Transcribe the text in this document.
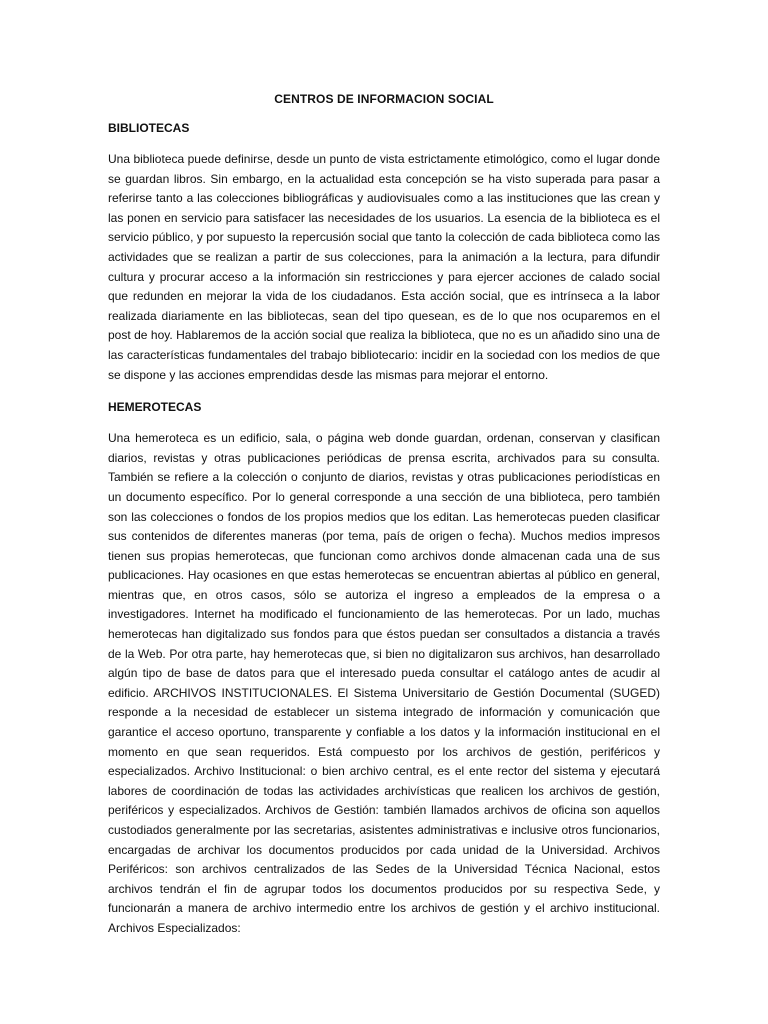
CENTROS DE INFORMACION SOCIAL
BIBLIOTECAS

Una biblioteca puede definirse, desde un punto de vista estrictamente etimológico, como el lugar donde se guardan libros. Sin embargo, en la actualidad esta concepción se ha visto superada para pasar a referirse tanto a las colecciones bibliográficas y audiovisuales como a las instituciones que las crean y las ponen en servicio para satisfacer las necesidades de los usuarios. La esencia de la biblioteca es el servicio público, y por supuesto la repercusión social que tanto la colección de cada biblioteca como las actividades que se realizan a partir de sus colecciones, para la animación a la lectura, para difundir cultura y procurar acceso a la información sin restricciones y para ejercer acciones de calado social que redunden en mejorar la vida de los ciudadanos. Esta acción social, que es intrínseca a la labor realizada diariamente en las bibliotecas, sean del tipo quesean, es de lo que nos ocuparemos en el post de hoy. Hablaremos de la acción social que realiza la biblioteca, que no es un añadido sino una de las características fundamentales del trabajo bibliotecario: incidir en la sociedad con los medios de que se dispone y las acciones emprendidas desde las mismas para mejorar el entorno.

HEMEROTECAS

Una hemeroteca es un edificio, sala, o página web donde guardan, ordenan, conservan y clasifican diarios, revistas y otras publicaciones periódicas de prensa escrita, archivados para su consulta. También se refiere a la colección o conjunto de diarios, revistas y otras publicaciones periodísticas en un documento específico. Por lo general corresponde a una sección de una biblioteca, pero también son las colecciones o fondos de los propios medios que los editan. Las hemerotecas pueden clasificar sus contenidos de diferentes maneras (por tema, país de origen o fecha). Muchos medios impresos tienen sus propias hemerotecas, que funcionan como archivos donde almacenan cada una de sus publicaciones. Hay ocasiones en que estas hemerotecas se encuentran abiertas al público en general, mientras que, en otros casos, sólo se autoriza el ingreso a empleados de la empresa o a investigadores. Internet ha modificado el funcionamiento de las hemerotecas. Por un lado, muchas hemerotecas han digitalizado sus fondos para que éstos puedan ser consultados a distancia a través de la Web. Por otra parte, hay hemerotecas que, si bien no digitalizaron sus archivos, han desarrollado algún tipo de base de datos para que el interesado pueda consultar el catálogo antes de acudir al edificio. ARCHIVOS INSTITUCIONALES. El Sistema Universitario de Gestión Documental (SUGED) responde a la necesidad de establecer un sistema integrado de información y comunicación que garantice el acceso oportuno, transparente y confiable a los datos y la información institucional en el momento en que sean requeridos. Está compuesto por los archivos de gestión, periféricos y especializados. Archivo Institucional: o bien archivo central, es el ente rector del sistema y ejecutará labores de coordinación de todas las actividades archivísticas que realicen los archivos de gestión, periféricos y especializados. Archivos de Gestión: también llamados archivos de oficina son aquellos custodiados generalmente por las secretarias, asistentes administrativas e inclusive otros funcionarios, encargadas de archivar los documentos producidos por cada unidad de la Universidad. Archivos Periféricos: son archivos centralizados de las Sedes de la Universidad Técnica Nacional, estos archivos tendrán el fin de agrupar todos los documentos producidos por su respectiva Sede, y funcionarán a manera de archivo intermedio entre los archivos de gestión y el archivo institucional. Archivos Especializados:
